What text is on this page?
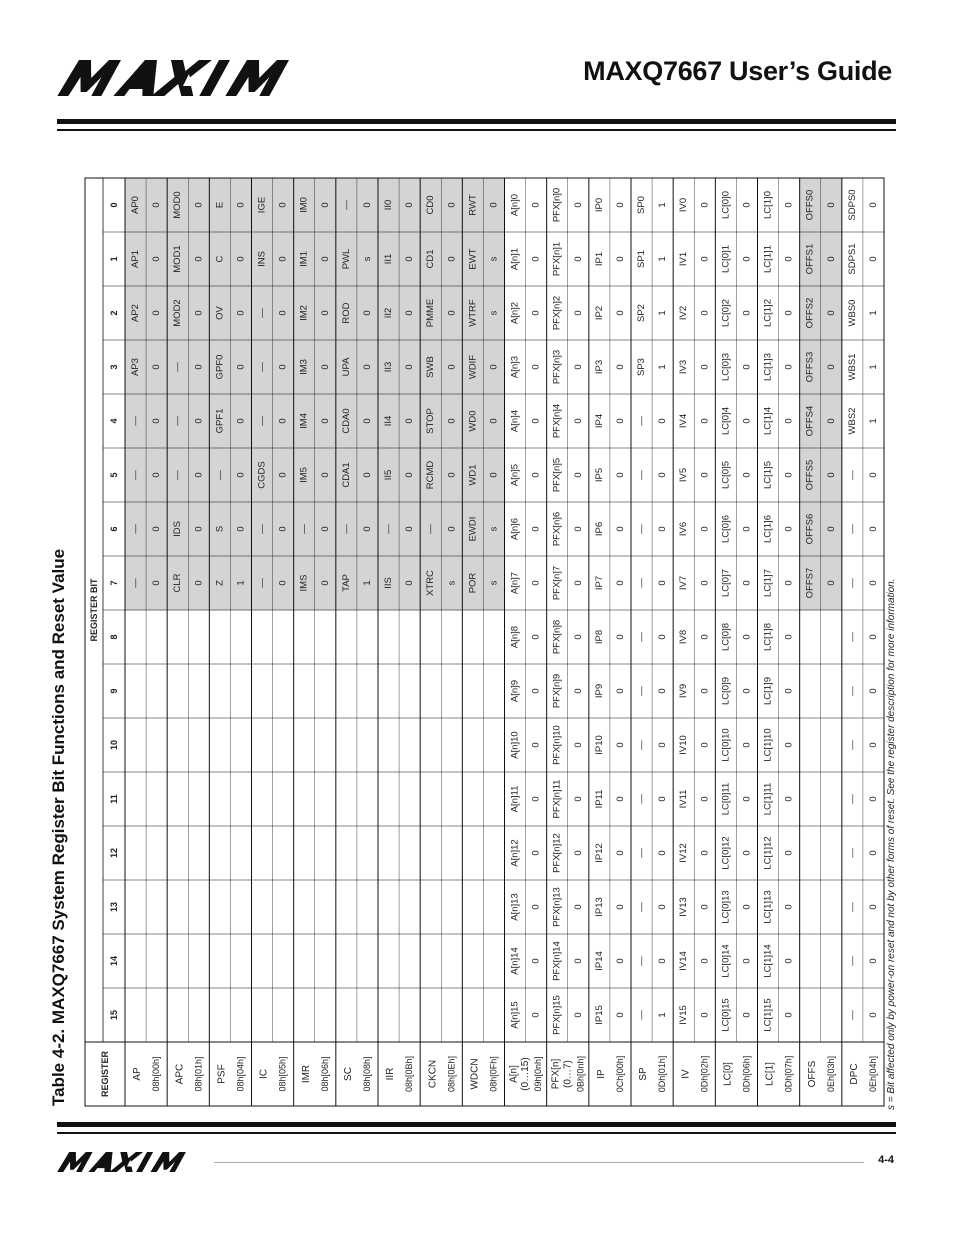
MAXQ7667 User’s Guide
Table 4-2. MAXQ7667 System Register Bit Functions and Reset Value	REGISTER
REGISTER BIT
15
14
13
12
11
10
9
8
7
6
5
4
3
2
1
0
AP 08h[00h]
— 0
— 0
— 0
— 0
AP3 0
AP2 0
AP1 0
AP0 0
APC 08h[01h]
CLR 0
IDS 0
— 0
— 0
— 0
MOD2 0
MOD1 0
MOD0 0
PSF 08h[04h]
Z 1
S 0
— 0
GPF1 0
GPF0 0
OV 0
C 0
E 0
IC 08h[05h]
— 0
— 0
CGDS 0
— 0
— 0
— 0
INS 0
IGE 0
IMR 08h[06h]
IMS 0
— 0
IM5 0
IM4 0
IM3 0
IM2 0
IM1 0
IM0 0
SC 08h[08h]
TAP 1
— 0
CDA1 0
CDA0 0
UPA 0
ROD 0
PWL s
— 0
IIR 08h[0Bh]
IIS 0
— 0
II5 0
II4 0
II3 0
II2 0
II1 0
II0 0
CKCN 08h[0Eh]
XTRC s
— 0
RCMD 0
STOP 0
SWB 0
PMME 0
CD1 0
CD0 0
WDCN 08h[0Fh]
POR s
EWDI s
WD1 0
WD0 0
WDIF 0
WTRF s
EWT s
RWT 0
A[n] (0…15) 09h[0nh]
A[n]15 0
A[n]14 0
A[n]13 0
A[n]12 0
A[n]11 0
A[n]10 0
A[n]9 0
A[n]8 0
A[n]7 0
A[n]6 0
A[n]5 0
A[n]4 0
A[n]3 0
A[n]2 0
A[n]1 0
A[n]0 0
PFX[n] (0…7) 0Bh[0nh]
PFX[n]15 0
PFX[n]14 0
PFX[n]13 0
PFX[n]12 0
PFX[n]11 0
PFX[n]10 0
PFX[n]9 0
PFX[n]8 0
PFX[n]7 0
PFX[n]6 0
PFX[n]5 0
PFX[n]4 0
PFX[n]3 0
PFX[n]2 0
PFX[n]1 0
PFX[n]0 0
IP 0Ch[00h]
IP15 0
IP14 0
IP13 0
IP12 0
IP11 0
IP10 0
IP9 0
IP8 0
IP7 0
IP6 0
IP5 0
IP4 0
IP3 0
IP2 0
IP1 0
IP0 0
SP 0Dh[01h]
— 1
— 0
— 0
— 0
— 0
— 0
— 0
— 0
— 0
— 0
— 0
— 0
SP3 1
SP2 1
SP1 1
SP0 1
IV 0Dh[02h]
IV15 0
IV14 0
IV13 0
IV12 0
IV11 0
IV10 0
IV9 0
IV8 0
IV7 0
IV6 0
IV5 0
IV4 0
IV3 0
IV2 0
IV1 0
IV0 0
LC[0] 0Dh[06h]
LC[0]15 0
LC[0]14 0
LC[0]13 0
LC[0]12 0
LC[0]11 0
LC[0]10 0
LC[0]9 0
LC[0]8 0
LC[0]7 0
LC[0]6 0
LC[0]5 0
LC[0]4 0
LC[0]3 0
LC[0]2 0
LC[0]1 0
LC[0]0 0
LC[1] 0Dh[07h]
LC[1]15 0
LC[1]14 0
LC[1]13 0
LC[1]12 0
LC[1]11 0
LC[1]10 0
LC[1]9 0
LC[1]8 0
LC[1]7 0
LC[1]6 0
LC[1]5 0
LC[1]4 0
LC[1]3 0
LC[1]2 0
LC[1]1 0
LC[1]0 0
OFFS 0Eh[03h]
OFFS7 0
OFFS6 0
OFFS5 0
OFFS4 0
OFFS3 0
OFFS2 0
OFFS1 0
OFFS0 0
DPC 0Eh[04h]
— 0
— 0
— 0
— 0
— 0
— 0
— 0
— 0
— 0
— 0
— 0
WBS2 1
WBS1 1
WBS0 1
SDPS1 0
SDPS0 0
s = Bit affected only by power-on reset and not by other forms of reset. See the register description for more information.
4-4
